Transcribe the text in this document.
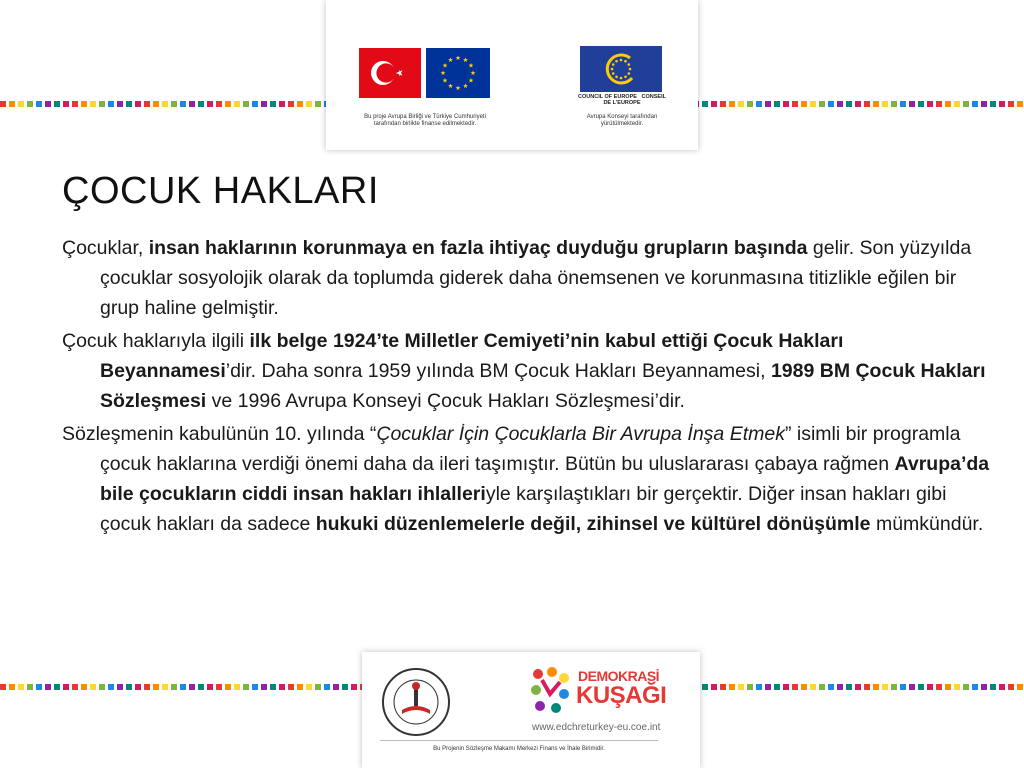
Bu proje Avrupa Birliği ve Türkiye Cumhuriyeti tarafından birlikte finanse edilmektedir.
COUNCIL OF EUROPE CONSEIL DE L'EUROPE
Avrupa Konseyi tarafından yürütülmektedir.
ÇOCUK HAKLARI

Çocuklar, insan haklarının korunmaya en fazla ihtiyaç duyduğu grupların başında gelir. Son yüzyılda çocuklar sosyolojik olarak da toplumda giderek daha önemsenen ve korunmasına titizlikle eğilen bir grup haline gelmiştir.

Çocuk haklarıyla ilgili ilk belge 1924’te Milletler Cemiyeti’nin kabul ettiği Çocuk Hakları Beyannamesi’dir. Daha sonra 1959 yılında BM Çocuk Hakları Beyannamesi, 1989 BM Çocuk Hakları Sözleşmesi ve 1996 Avrupa Konseyi Çocuk Hakları Sözleşmesi’dir.

Sözleşmenin kabulünün 10. yılında “Çocuklar İçin Çocuklarla Bir Avrupa İnşa Etmek” isimli bir programla çocuk haklarına verdiği önemi daha da ileri taşımıştır. Bütün bu uluslararası çabaya rağmen Avrupa’da bile çocukların ciddi insan hakları ihlalleriyle karşılaştıkları bir gerçektir. Diğer insan hakları gibi çocuk hakları da sadece hukuki düzenlemelerle değil, zihinsel ve kültürel dönüşümle mümkündür.

DEMOKRASİ
KUŞAĞI
www.edchreturkey-eu.coe.int
Bu Projenin Sözleşme Makamı Merkezi Finans ve İhale Birimidir.
